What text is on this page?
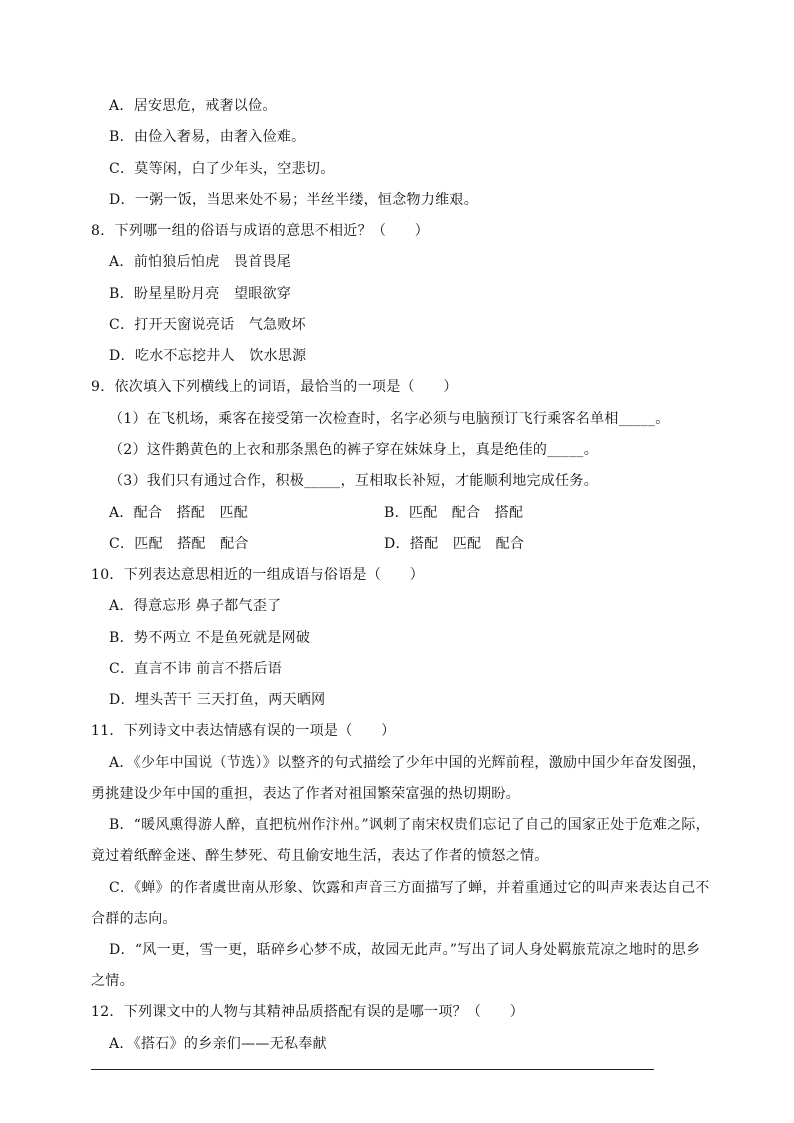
A．居安思危，戒奢以俭。
B．由俭入奢易，由奢入俭难。
C．莫等闲，白了少年头，空悲切。
D．一粥一饭，当思来处不易；半丝半缕，恒念物力维艰。
8．下列哪一组的俗语与成语的意思不相近？（　　）
A．前怕狼后怕虎　畏首畏尾
B．盼星星盼月亮　望眼欲穿
C．打开天窗说亮话　气急败坏
D．吃水不忘挖井人　饮水思源
9．依次填入下列横线上的词语，最恰当的一项是（　　）
（1）在飞机场，乘客在接受第一次检查时，名字必须与电脑预订飞行乘客名单相_____。
（2）这件鹅黄色的上衣和那条黑色的裤子穿在妹妹身上，真是绝佳的_____。
（3）我们只有通过合作，积极_____，互相取长补短，才能顺利地完成任务。
A．配合　搭配　匹配	B．匹配　配合　搭配
C．匹配　搭配　配合	D．搭配　匹配　配合
10．下列表达意思相近的一组成语与俗语是（　　）
A．得意忘形 鼻子都气歪了
B．势不两立 不是鱼死就是网破
C．直言不讳 前言不搭后语
D．埋头苦干 三天打鱼，两天晒网
11．下列诗文中表达情感有误的一项是（　　）
A．《少年中国说（节选）》以整齐的句式描绘了少年中国的光辉前程，激励中国少年奋发图强，
勇挑建设少年中国的重担，表达了作者对祖国繁荣富强的热切期盼。
B．“暖风熏得游人醉，直把杭州作汴州。”讽刺了南宋权贵们忘记了自己的国家正处于危难之际，
竟过着纸醉金迷、醉生梦死、苟且偷安地生活，表达了作者的愤怒之情。
C．《蝉》的作者虞世南从形象、饮露和声音三方面描写了蝉，并着重通过它的叫声来表达自己不
合群的志向。
D．“风一更，雪一更，聒碎乡心梦不成，故园无此声。”写出了词人身处羁旅荒凉之地时的思乡
之情。
12．下列课文中的人物与其精神品质搭配有误的是哪一项？（　　）
A．《搭石》的乡亲们——无私奉献
